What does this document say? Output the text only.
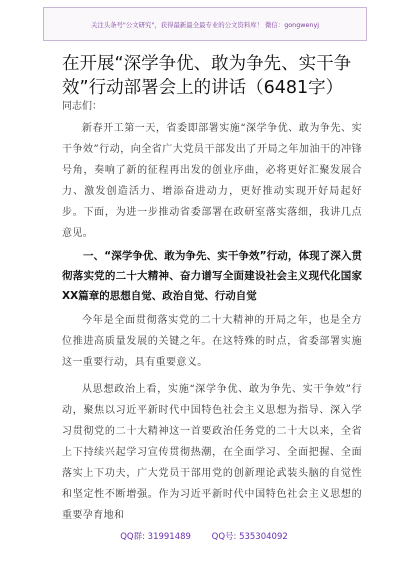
关注头条号"公文研究"，获得最新最全最专业的公文资料库！ 微信：gongwenyj
在开展“深学争优、敢为争先、实干争效”行动部署会上的讲话（6481字）
同志们：

新春开工第一天，省委即部署实施“深学争优、敢为争先、实干争效”行动，向全省广大党员干部发出了开局之年加油干的冲锋号角，奏响了新的征程再出发的创业序曲，必将更好汇聚发展合力、激发创造活力、增添奋进动力，更好推动实现开好局起好步。下面，为进一步推动省委部署在政研室落实落细，我讲几点意见。

一、“深学争优、敢为争先、实干争效”行动，体现了深入贯彻落实党的二十大精神、奋力谱写全面建设社会主义现代化国家XX篇章的思想自觉、政治自觉、行动自觉

今年是全面贯彻落实党的二十大精神的开局之年，也是全方位推进高质量发展的关键之年。在这特殊的时点，省委部署实施这一重要行动，具有重要意义。

从思想政治上看，实施“深学争优、敢为争先、实干争效”行动，聚焦以习近平新时代中国特色社会主义思想为指导、深入学习贯彻党的二十大精神这一首要政治任务党的二十大以来，全省上下持续兴起学习宣传贯彻热潮，在全面学习、全面把握、全面落实上下功夫，广大党员干部用党的创新理论武装头脑的自觉性和坚定性不断增强。作为习近平新时代中国特色社会主义思想的重要孕育地和

QQ群: 31991489 QQ号: 535304092
